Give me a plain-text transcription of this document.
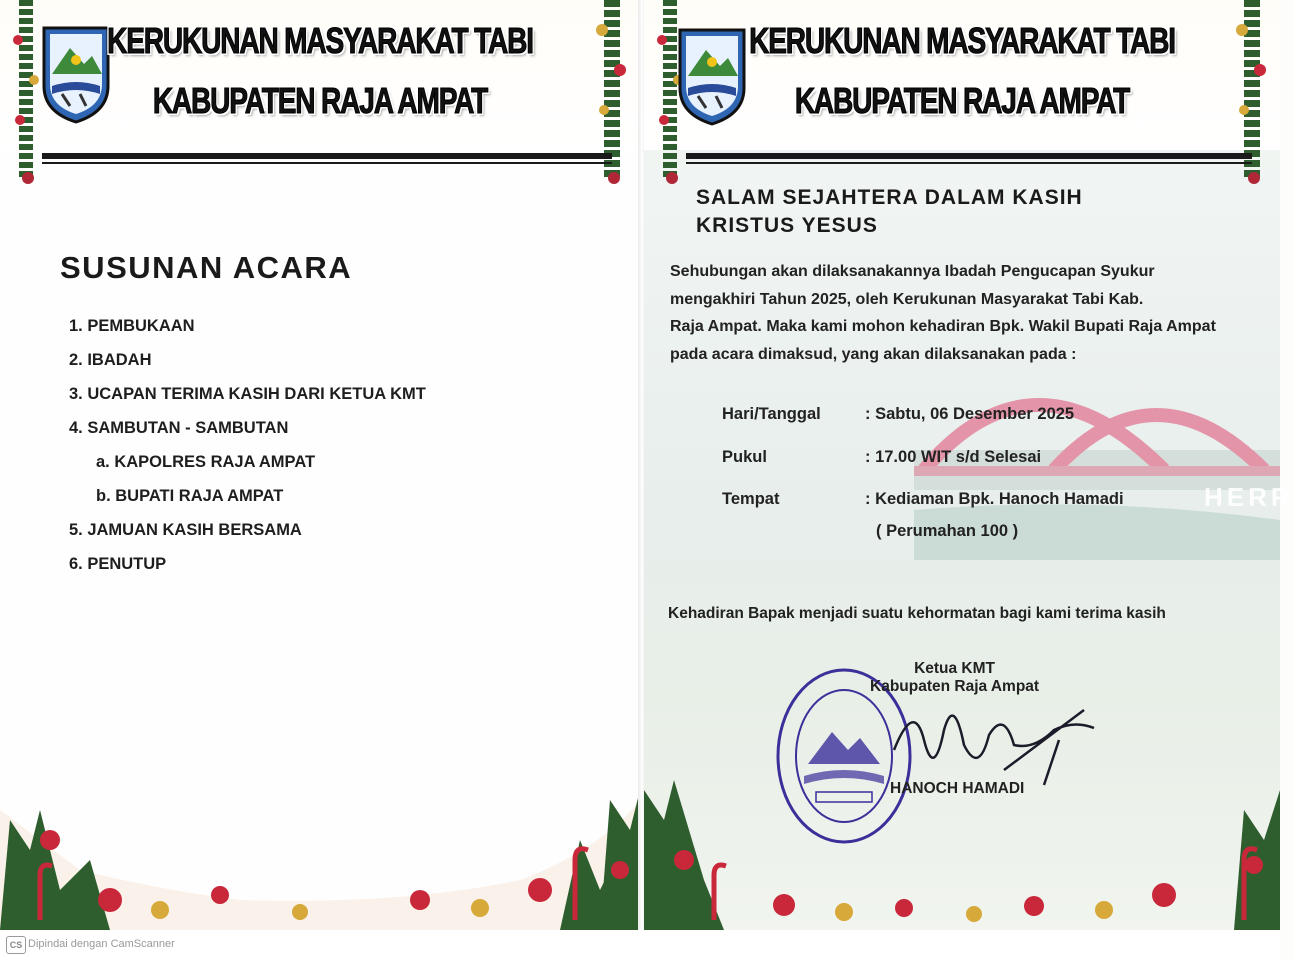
KERUKUNAN MASYARAKAT TABI
KABUPATEN RAJA AMPAT
SUSUNAN ACARA
1. PEMBUKAAN
2. IBADAH
3. UCAPAN TERIMA KASIH DARI KETUA KMT
4. SAMBUTAN - SAMBUTAN
a. KAPOLRES RAJA AMPAT
b. BUPATI RAJA AMPAT
5. JAMUAN KASIH BERSAMA
6. PENUTUP
HERR
KERUKUNAN MASYARAKAT TABI
KABUPATEN RAJA AMPAT
SALAM SEJAHTERA DALAM KASIH
KRISTUS YESUS
Sehubungan akan dilaksanakannya Ibadah Pengucapan Syukur
mengakhiri Tahun 2025, oleh Kerukunan Masyarakat Tabi Kab.
Raja Ampat. Maka kami mohon kehadiran Bpk. Wakil Bupati Raja Ampat
pada acara dimaksud, yang akan dilaksanakan pada :
Hari/Tanggal	: Sabtu, 06 Desember 2025
Pukul	: 17.00 WIT s/d Selesai
Tempat	: Kediaman Bpk. Hanoch Hamadi
( Perumahan 100 )
Kehadiran Bapak menjadi suatu kehormatan bagi kami terima kasih
Ketua KMT
Kabupaten Raja Ampat
HANOCH HAMADI
CS Dipindai dengan CamScanner
